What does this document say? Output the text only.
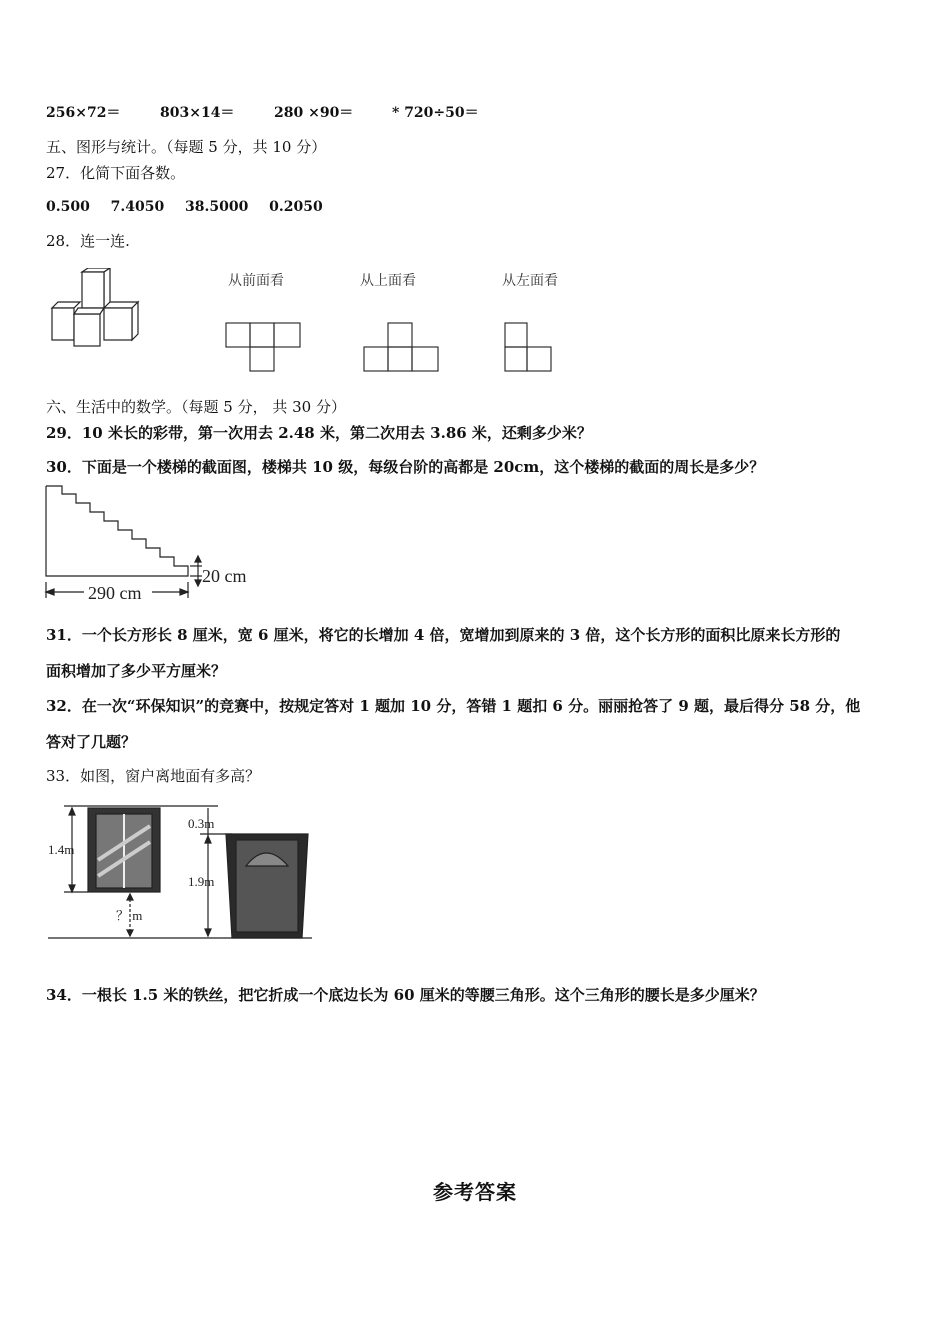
256×72＝	803×14＝	280 ×90＝	* 720÷50＝
五、图形与统计。（每题 5 分，共 10 分）
27．化简下面各数。
0.500 7.4050 38.5000 0.2050
28．连一连.
从前面看	从上面看	从左面看
六、生活中的数学。（每题 5 分， 共 30 分）
29．10 米长的彩带，第一次用去 2.48 米，第二次用去 3.86 米，还剩多少米？
30．下面是一个楼梯的截面图，楼梯共 10 级，每级台阶的高都是 20cm，这个楼梯的截面的周长是多少？
290 cm
20 cm
31．一个长方形长 8 厘米，宽 6 厘米，将它的长增加 4 倍，宽增加到原来的 3 倍，这个长方形的面积比原来长方形的
面积增加了多少平方厘米？
32．在一次“环保知识”的竞赛中，按规定答对 1 题加 10 分，答错 1 题扣 6 分。丽丽抢答了 9 题，最后得分 58 分，他
答对了几题？
33．如图，窗户离地面有多高？
1.4m
0.3m
1.9m
？ m
34．一根长 1.5 米的铁丝，把它折成一个底边长为 60 厘米的等腰三角形。这个三角形的腰长是多少厘米？
参考答案
